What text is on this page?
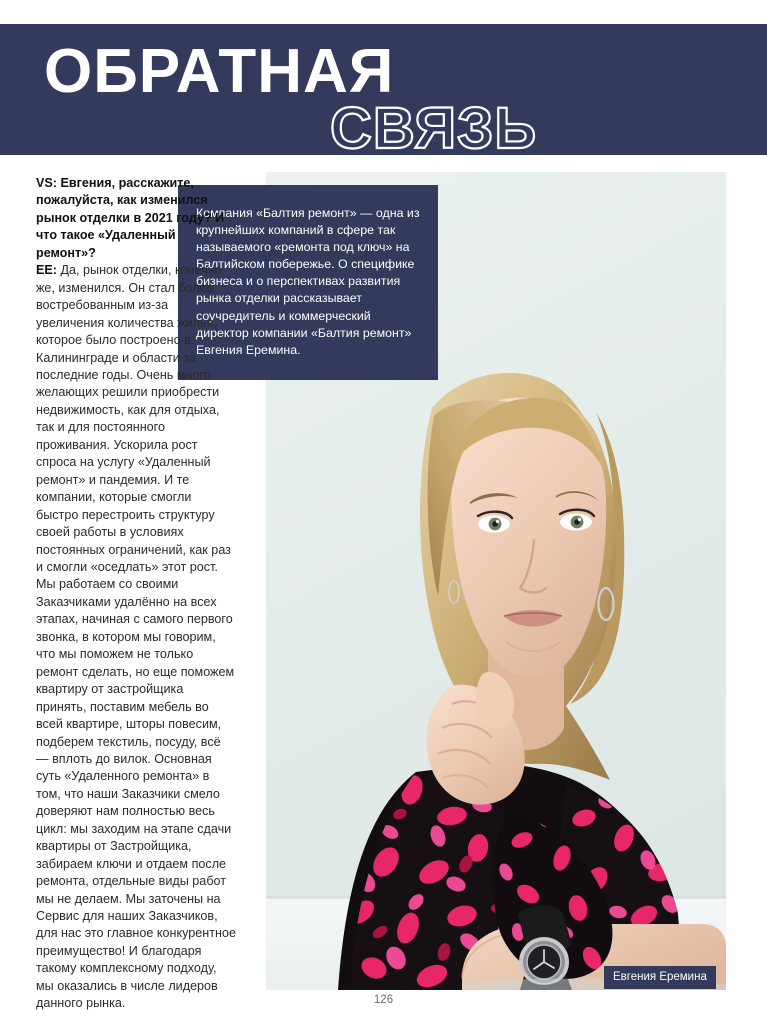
ОБРАТНАЯ
СВЯЗЬ
Компания «Балтия ремонт» — одна из крупнейших компаний в сфере так называемого «ремонта под ключ» на Балтийском побережье. О специфике бизнеса и о перспективах развития рынка отделки рассказывает соучредитель и коммерческий директор компании «Балтия ремонт» Евгения Еремина.

VS: Евгения, расскажите, пожалуйста, как изменился рынок отделки в 2021 году? И что такое «Удаленный ремонт»?
EE: Да, рынок отделки, конечно же, изменился. Он стал более востребованным из-за увеличения количества жилья, которое было построено в Калининграде и области за последние годы. Очень много желающих решили приобрести недвижимость, как для отдыха, так и для постоянного проживания. Ускорила рост спроса на услугу «Удаленный ремонт» и пандемия. И те компании, которые смогли быстро перестроить структуру своей работы в условиях постоянных ограничений, как раз и смогли «оседлать» этот рост. Мы работаем со своими Заказчиками удалённо на всех этапах, начиная с самого первого звонка, в котором мы говорим, что мы поможем не только ремонт сделать, но еще поможем квартиру от застройщика принять, поставим мебель во всей квартире, шторы повесим, подберем текстиль, посуду, всё — вплоть до вилок. Основная суть «Удаленного ремонта» в том, что наши Заказчики смело доверяют нам полностью весь цикл: мы заходим на этапе сдачи квартиры от Застройщика, забираем ключи и отдаем после ремонта, отдельные виды работ мы не делаем. Мы заточены на Сервис для наших Заказчиков, для нас это главное конкурентное преимущество! И благодаря такому комплексному подходу, мы оказались в числе лидеров данного рынка.

Евгения Еремина
126
